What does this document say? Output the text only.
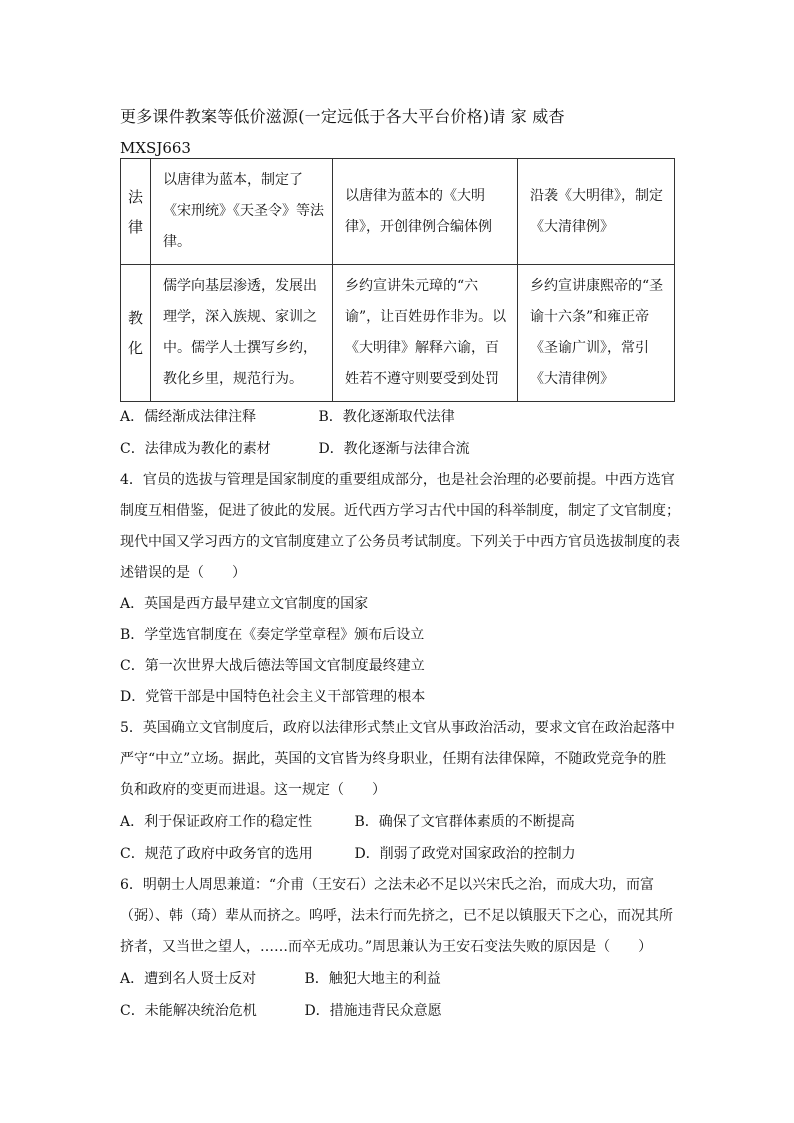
更多课件教案等低价滋源(一定远低于各大平台价格)请 家 威杳
MXSJ663
法律	以唐律为蓝本，制定了《宋刑统》《天圣令》等法律。	以唐律为蓝本的《大明律》，开创律例合编体例	沿袭《大明律》，制定《大清律例》
教化	儒学向基层渗透，发展出理学，深入族规、家训之中。儒学人士撰写乡约，教化乡里，规范行为。	乡约宣讲朱元璋的“六谕”，让百姓毋作非为。以《大明律》解释六谕，百姓若不遵守则要受到处罚	乡约宣讲康熙帝的“圣谕十六条”和雍正帝《圣谕广训》，常引《大清律例》
A．儒经渐成法律注释	B．教化逐渐取代法律
C．法律成为教化的素材	D．教化逐渐与法律合流
4．官员的选拔与管理是国家制度的重要组成部分，也是社会治理的必要前提。中西方选官
制度互相借鉴，促进了彼此的发展。近代西方学习古代中国的科举制度，制定了文官制度；
现代中国又学习西方的文官制度建立了公务员考试制度。下列关于中西方官员选拔制度的表
述错误的是（　　）
A．英国是西方最早建立文官制度的国家
B．学堂选官制度在《奏定学堂章程》颁布后设立
C．第一次世界大战后德法等国文官制度最终建立
D．党管干部是中国特色社会主义干部管理的根本
5．英国确立文官制度后，政府以法律形式禁止文官从事政治活动，要求文官在政治起落中
严守“中立”立场。据此，英国的文官皆为终身职业，任期有法律保障，不随政党竞争的胜
负和政府的变更而进退。这一规定（　　）
A．利于保证政府工作的稳定性	B．确保了文官群体素质的不断提高
C．规范了政府中政务官的选用	D．削弱了政党对国家政治的控制力
6．明朝士人周思兼道：“介甫（王安石）之法未必不足以兴宋氏之治，而成大功，而富
（弼）、韩（琦）辈从而挤之。呜呼，法未行而先挤之，已不足以镇服天下之心，而况其所
挤者，又当世之望人，……而卒无成功。”周思兼认为王安石变法失败的原因是（　　）
A．遭到名人贤士反对	B．触犯大地主的利益
C．未能解决统治危机	D．措施违背民众意愿
